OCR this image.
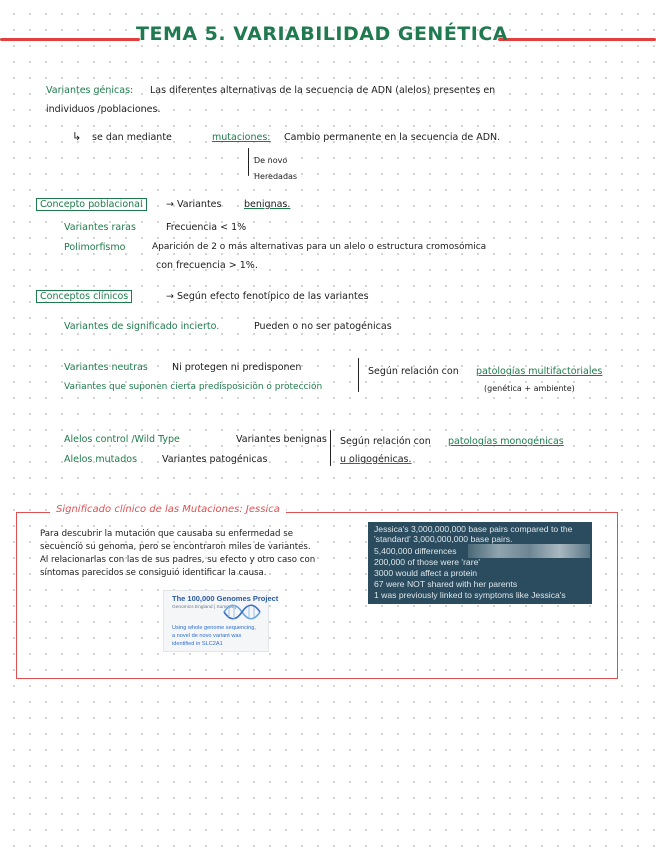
TEMA 5. VARIABILIDAD GENÉTICA
Variantes génicas: Las diferentes alternativas de la secuencia de ADN (alelos) presentes en
individuos /poblaciones.
↳ se dan mediante	mutaciones: Cambio permanente en la secuencia de ADN.
De novo
Heredadas
Concepto poblacional	→ Variantes benignas.
Variantes raras	Frecuencia < 1%
Polimorfismo	Aparición de 2 o más alternativas para un alelo o estructura cromosómica
con frecuencia > 1%.
Conceptos clínicos	→ Según efecto fenotípico de las variantes
Variantes de significado incierto.	Pueden o no ser patogénicas
Variantes neutras	Ni protegen ni predisponen
Variantes que suponen cierta predisposición o protección
Según relación con patologías multifactoriales
(genética + ambiente)
Alelos control /Wild Type	Variantes benignas
Alelos mutados	Variantes patogénicas
Según relación con patologías monogénicas
u oligogénicas.
Significado clínico de las Mutaciones: Jessica
Para descubrir la mutación que causaba su enfermedad se
secuenció su genoma, pero se encontraron miles de variantes.
Al relacionarlas con las de sus padres, su efecto y otro caso con
síntomas parecidos se consiguió identificar la causa.
The 100,000 Genomes Project
Genomics England | Summary
Using whole genome sequencing,
a novel de novo variant was
identified in SLC2A1
Jessica's 3,000,000,000 base pairs compared to the
'standard' 3,000,000,000 base pairs.
5,400,000 differences
200,000 of those were 'rare'
3000 would affect a protein
67 were NOT shared with her parents
1 was previously linked to symptoms like Jessica's
